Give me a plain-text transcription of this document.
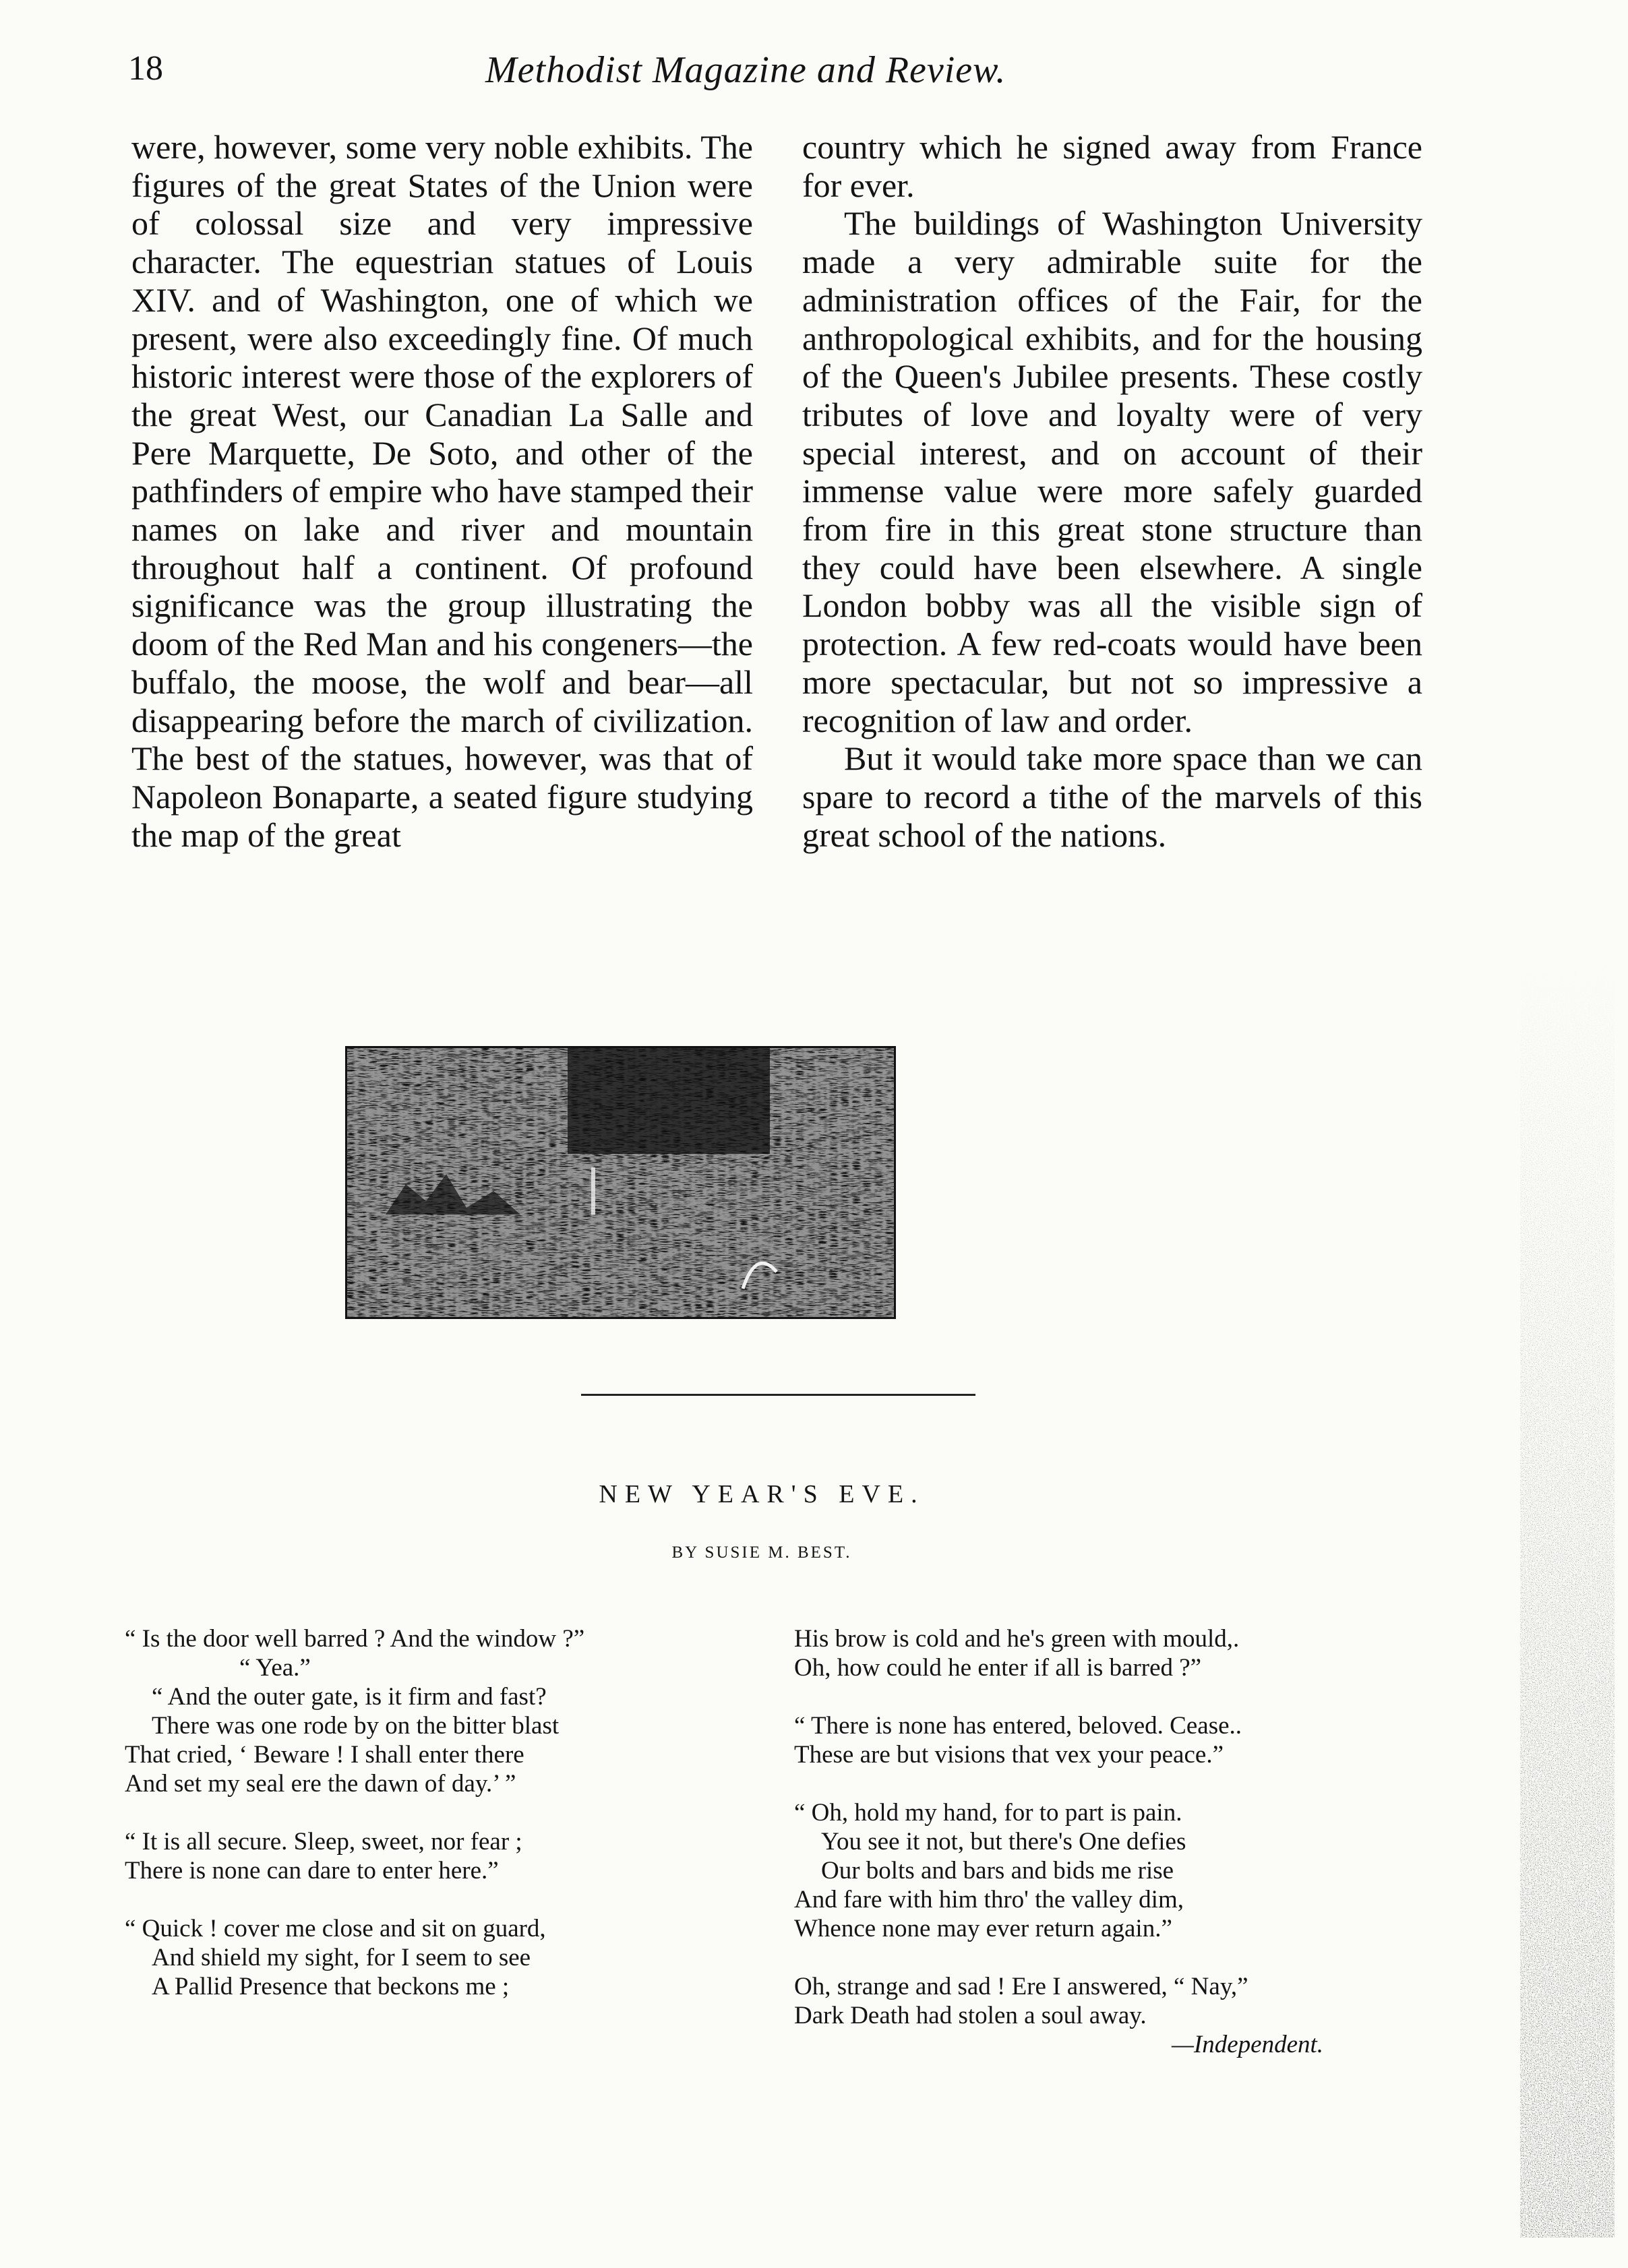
18	Methodist Magazine and Review.

were, however, some very noble exhibits. The figures of the great States of the Union were of colossal size and very impressive character. The equestrian statues of Louis XIV. and of Washington, one of which we present, were also exceedingly fine. Of much historic interest were those of the explorers of the great West, our Canadian La Salle and Pere Marquette, De Soto, and other of the pathfinders of empire who have stamped their names on lake and river and mountain throughout half a continent. Of profound significance was the group illustrating the doom of the Red Man and his congeners—the buffalo, the moose, the wolf and bear—all disappearing before the march of civilization. The best of the statues, however, was that of Napoleon Bonaparte, a seated figure studying the map of the great

country which he signed away from France for ever.

The buildings of Washington University made a very admirable suite for the administration offices of the Fair, for the anthropological exhibits, and for the housing of the Queen's Jubilee presents. These costly tributes of love and loyalty were of very special interest, and on account of their immense value were more safely guarded from fire in this great stone structure than they could have been elsewhere. A single London bobby was all the visible sign of protection. A few red-coats would have been more spectacular, but not so impressive a recognition of law and order.

But it would take more space than we can spare to record a tithe of the marvels of this great school of the nations.

NEW YEAR'S EVE.
BY SUSIE M. BEST.
“ Is the door well barred ? And the window ?”
“ Yea.”
“ And the outer gate, is it firm and fast?
There was one rode by on the bitter blast
That cried, ‘ Beware ! I shall enter there
And set my seal ere the dawn of day.’ ”
“ It is all secure. Sleep, sweet, nor fear ;
There is none can dare to enter here.”
“ Quick ! cover me close and sit on guard,
And shield my sight, for I seem to see
A Pallid Presence that beckons me ;
His brow is cold and he's green with mould,.
Oh, how could he enter if all is barred ?”
“ There is none has entered, beloved. Cease..
These are but visions that vex your peace.”
“ Oh, hold my hand, for to part is pain.
You see it not, but there's One defies
Our bolts and bars and bids me rise
And fare with him thro' the valley dim,
Whence none may ever return again.”
Oh, strange and sad ! Ere I answered, “ Nay,”
Dark Death had stolen a soul away.
—Independent.
